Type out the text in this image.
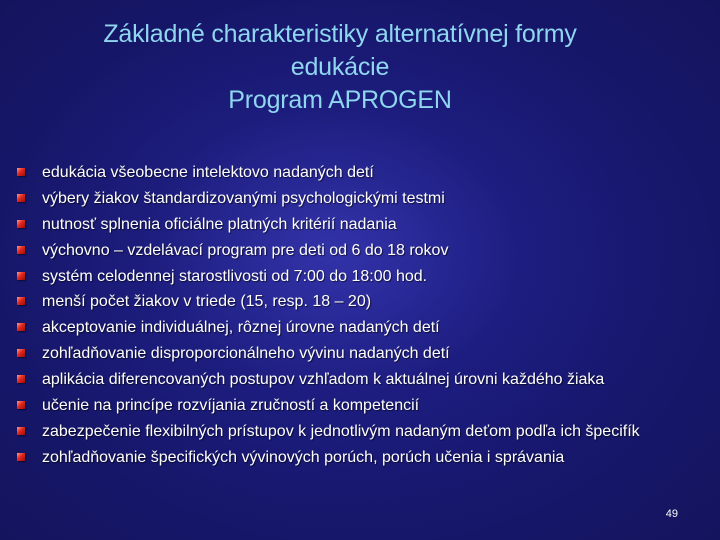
Základné charakteristiky alternatívnej formy
edukácie
Program APROGEN
edukácia všeobecne intelektovo nadaných detí
výbery žiakov štandardizovanými psychologickými testmi
nutnosť splnenia oficiálne platných kritérií nadania
výchovno – vzdelávací program pre deti od 6 do 18 rokov
systém celodennej starostlivosti od 7:00 do 18:00 hod.
menší počet žiakov v triede (15, resp. 18 – 20)
akceptovanie individuálnej, rôznej úrovne nadaných detí
zohľadňovanie disproporcionálneho vývinu nadaných detí
aplikácia diferencovaných postupov vzhľadom k aktuálnej úrovni každého žiaka
učenie na princípe rozvíjania zručností a kompetencií
zabezpečenie flexibilných prístupov k jednotlivým nadaným deťom podľa ich špecifík
zohľadňovanie špecifických vývinových porúch, porúch učenia i správania
49
